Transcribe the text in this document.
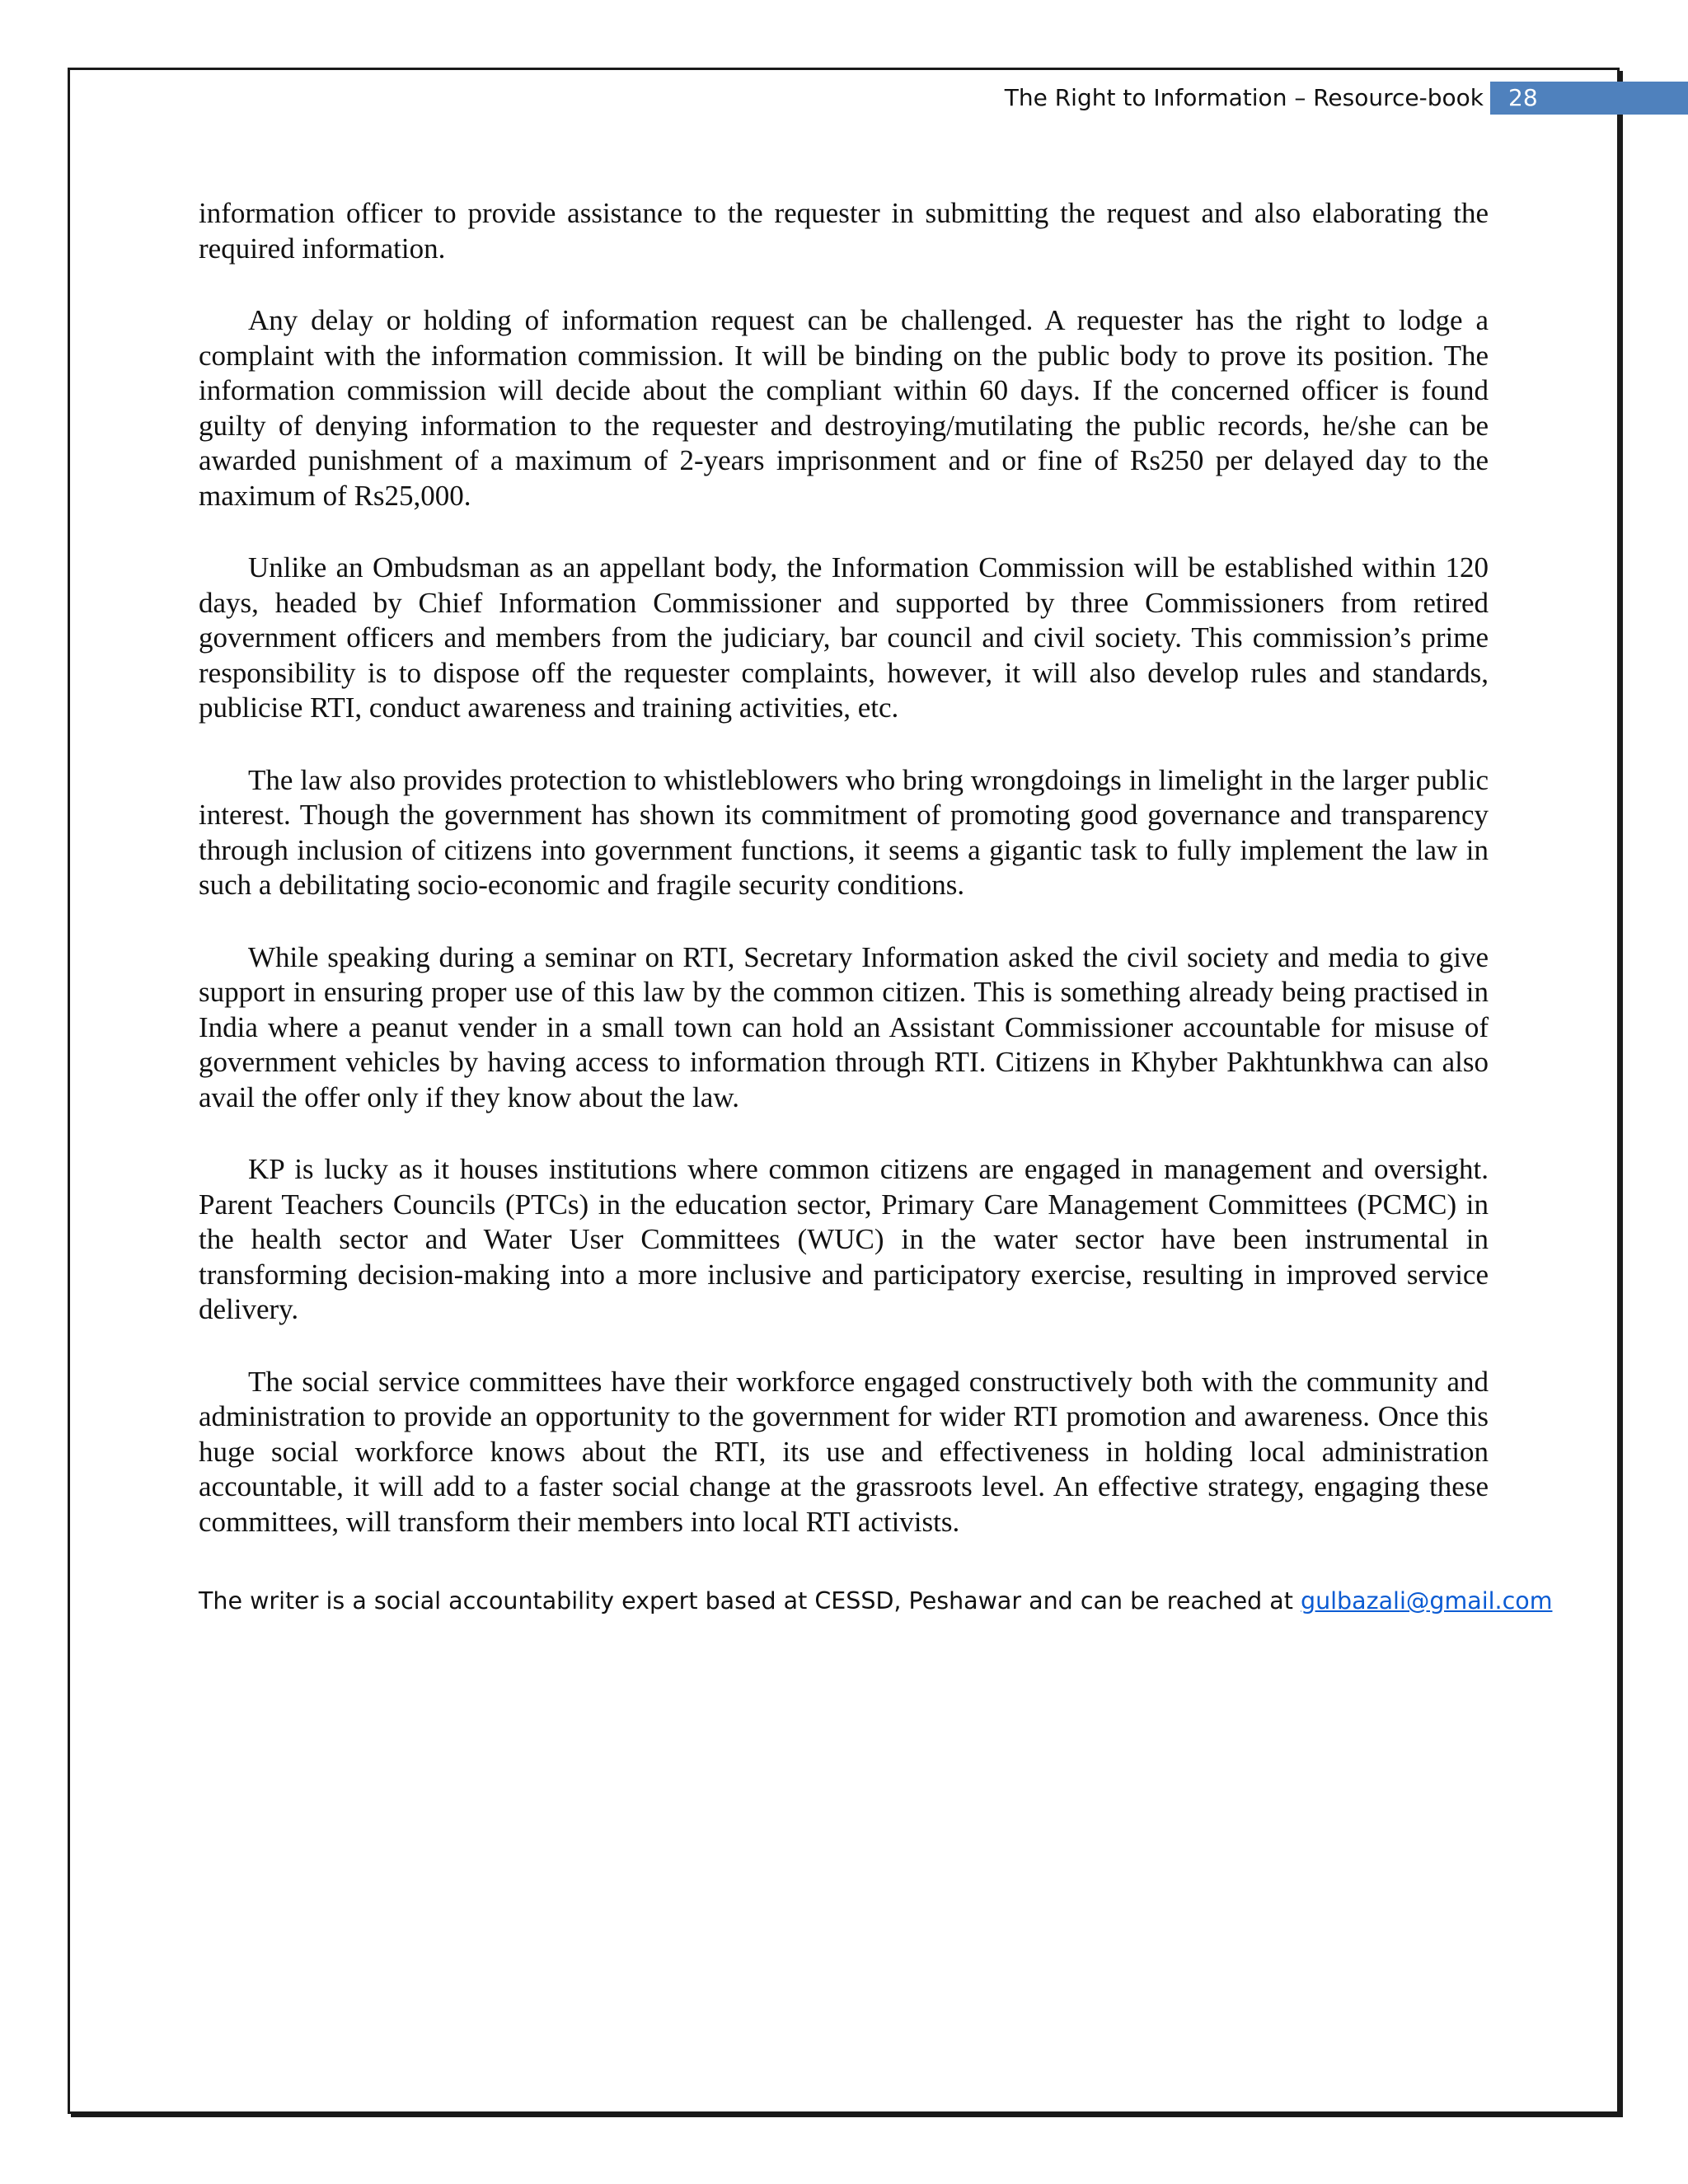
The Right to Information – Resource-book	28

information officer to provide assistance to the requester in submitting the request and also elaborating the required information.

Any delay or holding of information request can be challenged. A requester has the right to lodge a complaint with the information commission. It will be binding on the public body to prove its position. The information commission will decide about the compliant within 60 days. If the concerned officer is found guilty of denying information to the requester and destroying/mutilating the public records, he/she can be awarded punishment of a maximum of 2-years imprisonment and or fine of Rs250 per delayed day to the maximum of Rs25,000.

Unlike an Ombudsman as an appellant body, the Information Commission will be established within 120 days, headed by Chief Information Commissioner and supported by three Commissioners from retired government officers and members from the judiciary, bar council and civil society. This commission’s prime responsibility is to dispose off the requester complaints, however, it will also develop rules and standards, publicise RTI, conduct awareness and training activities, etc.

The law also provides protection to whistleblowers who bring wrongdoings in limelight in the larger public interest. Though the government has shown its commitment of promoting good governance and transparency through inclusion of citizens into government functions, it seems a gigantic task to fully implement the law in such a debilitating socio-economic and fragile security conditions.

While speaking during a seminar on RTI, Secretary Information asked the civil society and media to give support in ensuring proper use of this law by the common citizen. This is something already being practised in India where a peanut vender in a small town can hold an Assistant Commissioner accountable for misuse of government vehicles by having access to information through RTI. Citizens in Khyber Pakhtunkhwa can also avail the offer only if they know about the law.

KP is lucky as it houses institutions where common citizens are engaged in management and oversight. Parent Teachers Councils (PTCs) in the education sector, Primary Care Management Committees (PCMC) in the health sector and Water User Committees (WUC) in the water sector have been instrumental in transforming decision-making into a more inclusive and participatory exercise, resulting in improved service delivery.

The social service committees have their workforce engaged constructively both with the community and administration to provide an opportunity to the government for wider RTI promotion and awareness. Once this huge social workforce knows about the RTI, its use and effectiveness in holding local administration accountable, it will add to a faster social change at the grassroots level. An effective strategy, engaging these committees, will transform their members into local RTI activists.

The writer is a social accountability expert based at CESSD, Peshawar and can be reached at gulbazali@gmail.com
